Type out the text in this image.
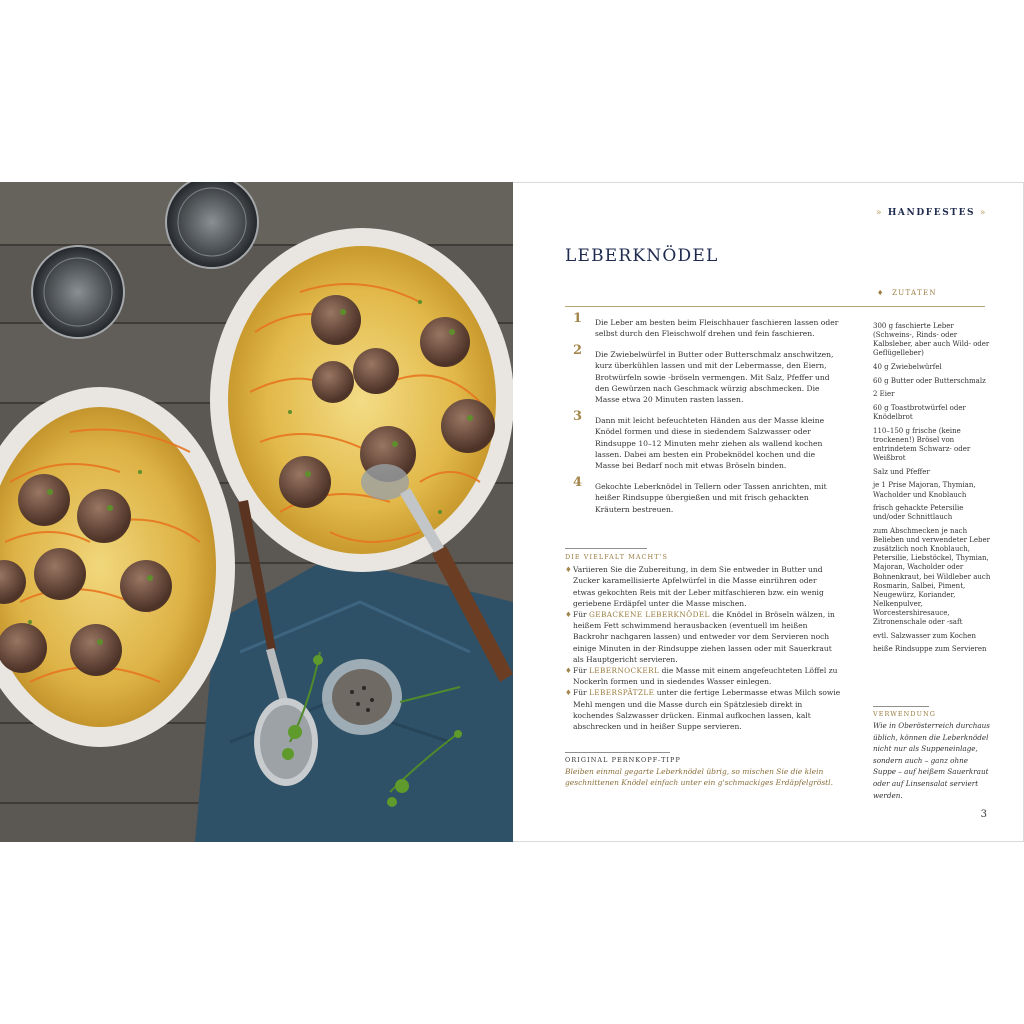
» HANDFESTES »
LEBERKNÖDEL
♦ ZUTATEN
1 Die Leber am besten beim Fleischhauer faschieren lassen oder selbst durch den Fleischwolf drehen und fein faschieren.
2 Die Zwiebelwürfel in Butter oder Butterschmalz anschwitzen, kurz überkühlen lassen und mit der Lebermasse, den Eiern, Brotwürfeln sowie -bröseln vermengen. Mit Salz, Pfeffer und den Gewürzen nach Geschmack würzig abschmecken. Die Masse etwa 20 Minuten rasten lassen.
3 Dann mit leicht befeuchteten Händen aus der Masse kleine Knödel formen und diese in siedendem Salzwasser oder Rindsuppe 10–12 Minuten mehr ziehen als wallend kochen lassen. Dabei am besten ein Probeknödel kochen und die Masse bei Bedarf noch mit etwas Bröseln binden.
4 Gekochte Leberknödel in Tellern oder Tassen anrichten, mit heißer Rindsuppe übergießen und mit frisch gehackten Kräutern bestreuen.
DIE VIELFALT MACHT'S
♦ Variieren Sie die Zubereitung, in dem Sie entweder in Butter und Zucker karamellisierte Apfelwürfel in die Masse einrühren oder etwas gekochten Reis mit der Leber mitfaschieren bzw. ein wenig geriebene Erdäpfel unter die Masse mischen.
♦ Für GEBACKENE LEBERKNÖDEL die Knödel in Bröseln wälzen, in heißem Fett schwimmend herausbacken (eventuell im heißen Backrohr nachgaren lassen) und entweder vor dem Servieren noch einige Minuten in der Rindsuppe ziehen lassen oder mit Sauerkraut als Hauptgericht servieren.
♦ Für LEBERNOCKERL die Masse mit einem angefeuchteten Löffel zu Nockerln formen und in siedendes Wasser einlegen.
♦ Für LEBERSPÄTZLE unter die fertige Lebermasse etwas Milch sowie Mehl mengen und die Masse durch ein Spätzlesieb direkt in kochendes Salzwasser drücken. Einmal aufkochen lassen, kalt abschrecken und in heißer Suppe servieren.
ORIGINAL PERNKOPF-TIPP
Bleiben einmal gegarte Leberknödel übrig, so mischen Sie die klein geschnittenen Knödel einfach unter ein g'schmackiges Erdäpfelgröstl.
300 g faschierte Leber (Schweins-, Rinds- oder Kalbsleber, aber auch Wild- oder Geflügelleber)
40 g Zwiebelwürfel
60 g Butter oder Butterschmalz
2 Eier
60 g Toastbrotwürfel oder Knödelbrot
110–150 g frische (keine trockenen!) Brösel von entrindetem Schwarz- oder Weißbrot
Salz und Pfeffer
je 1 Prise Majoran, Thymian, Wacholder und Knoblauch
frisch gehackte Petersilie und/oder Schnittlauch
zum Abschmecken je nach Belieben und verwendeter Leber zusätzlich noch Knoblauch, Petersilie, Liebstöckel, Thymian, Majoran, Wacholder oder Bohnenkraut, bei Wildleber auch Rosmarin, Salbei, Piment, Neugewürz, Koriander, Nelkenpulver, Worcestershiresauce, Zitronenschale oder -saft
evtl. Salzwasser zum Kochen
heiße Rindsuppe zum Servieren
VERWENDUNG
Wie in Oberösterreich durchaus üblich, können die Leberknödel nicht nur als Suppeneinlage, sondern auch – ganz ohne Suppe – auf heißem Sauerkraut oder auf Linsensalat serviert werden.
3
